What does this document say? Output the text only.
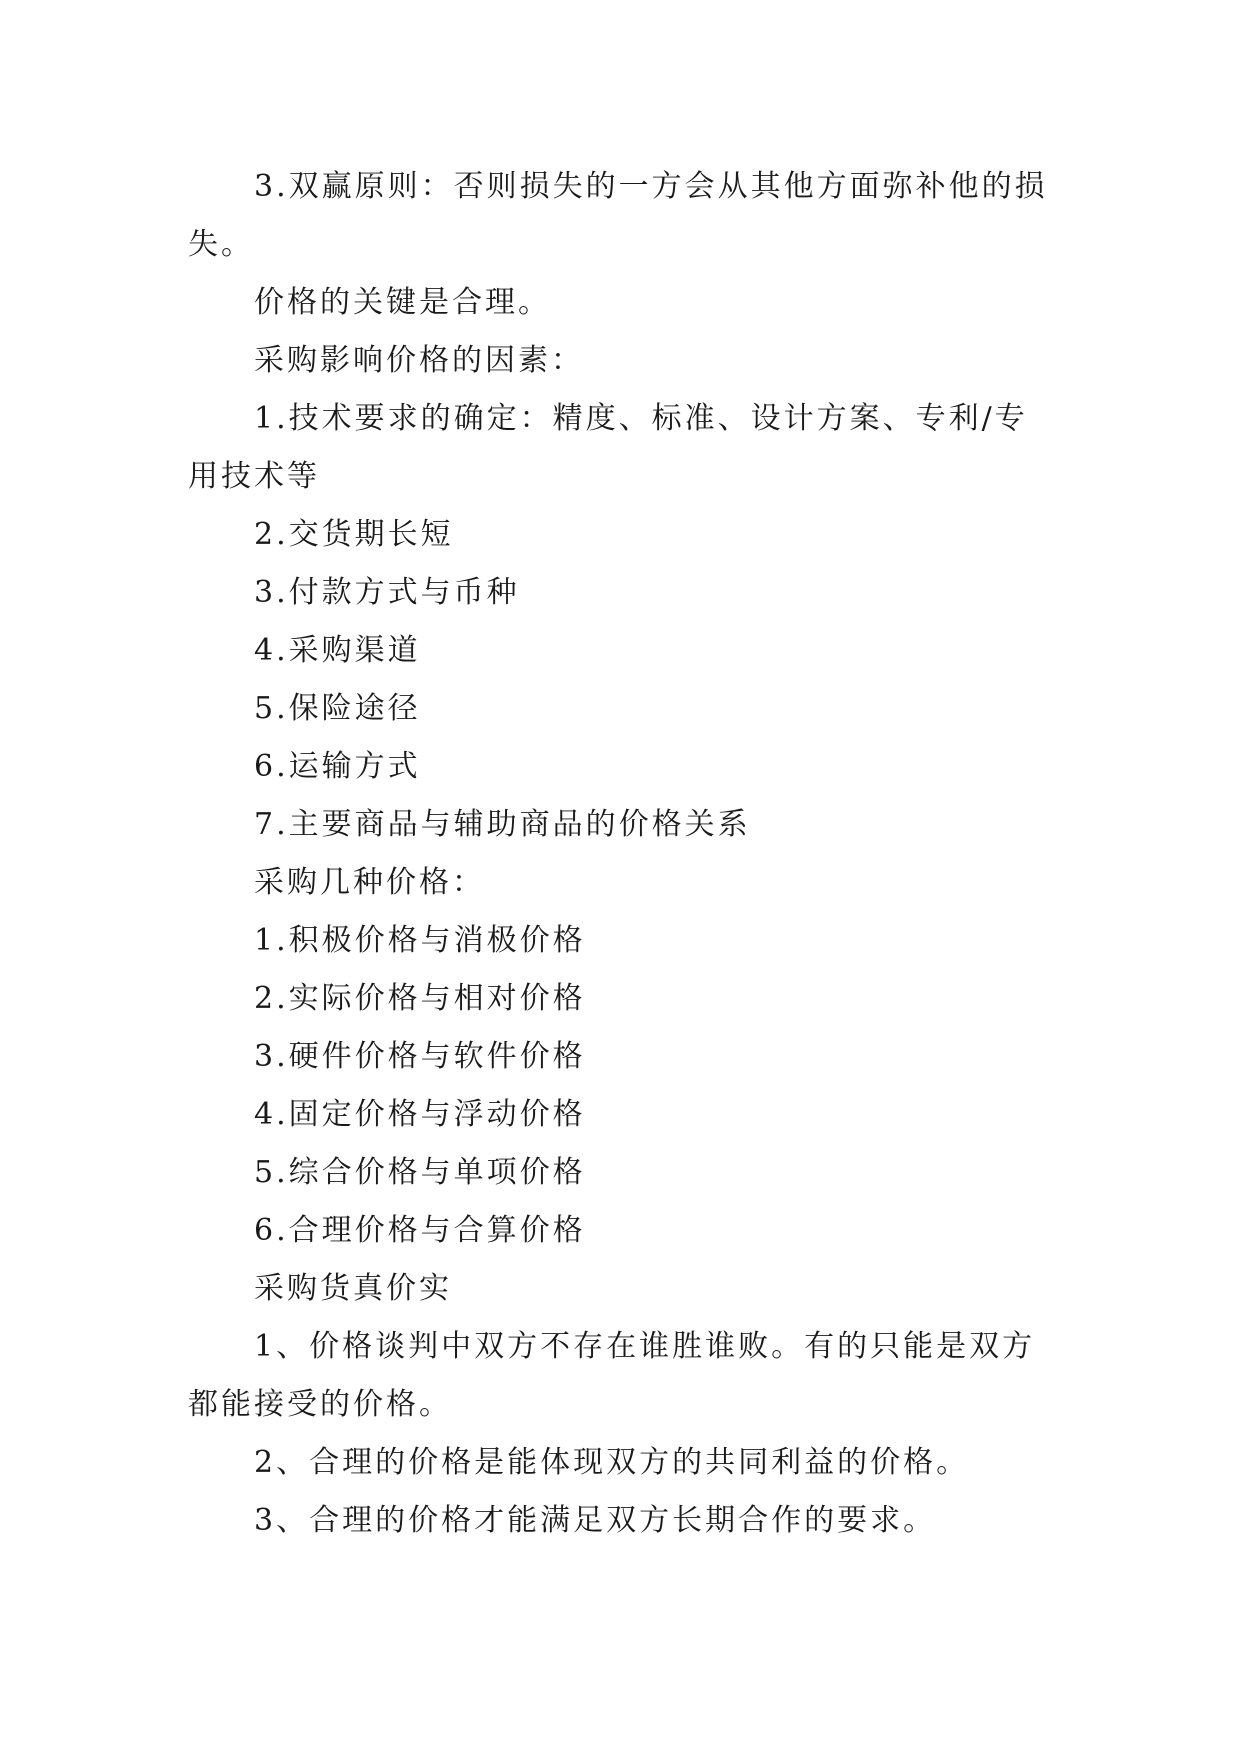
3.双赢原则：否则损失的一方会从其他方面弥补他的损失。

价格的关键是合理。

采购影响价格的因素：

1.技术要求的确定：精度、标准、设计方案、专利/专用技术等

2.交货期长短

3.付款方式与币种

4.采购渠道

5.保险途径

6.运输方式

7.主要商品与辅助商品的价格关系

采购几种价格：

1.积极价格与消极价格

2.实际价格与相对价格

3.硬件价格与软件价格

4.固定价格与浮动价格

5.综合价格与单项价格

6.合理价格与合算价格

采购货真价实

1、价格谈判中双方不存在谁胜谁败。有的只能是双方都能接受的价格。

2、合理的价格是能体现双方的共同利益的价格。

3、合理的价格才能满足双方长期合作的要求。
